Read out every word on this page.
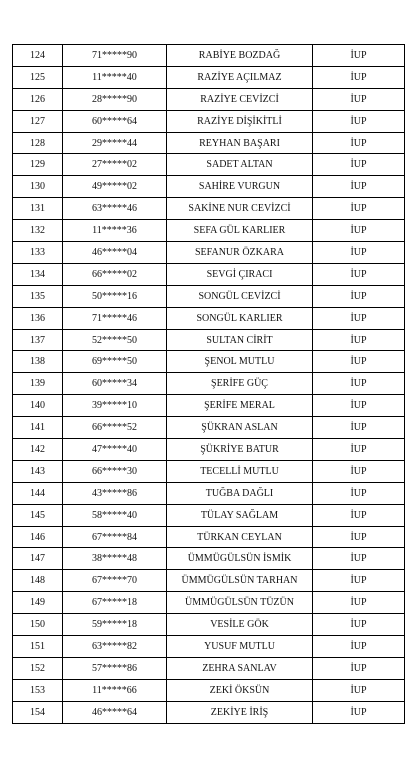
124	71*****90	RABİYE BOZDAĞ	İUP
125	11*****40	RAZİYE AÇILMAZ	İUP
126	28*****90	RAZİYE CEVİZCİ	İUP
127	60*****64	RAZİYE DİŞİKİTLİ	İUP
128	29*****44	REYHAN BAŞARI	İUP
129	27*****02	SADET ALTAN	İUP
130	49*****02	SAHİRE VURGUN	İUP
131	63*****46	SAKİNE NUR CEVİZCİ	İUP
132	11*****36	SEFA GÜL KARLIER	İUP
133	46*****04	SEFANUR ÖZKARA	İUP
134	66*****02	SEVGİ ÇIRACI	İUP
135	50*****16	SONGÜL CEVİZCİ	İUP
136	71*****46	SONGÜL KARLIER	İUP
137	52*****50	SULTAN CİRİT	İUP
138	69*****50	ŞENOL MUTLU	İUP
139	60*****34	ŞERİFE GÜÇ	İUP
140	39*****10	ŞERİFE MERAL	İUP
141	66*****52	ŞÜKRAN ASLAN	İUP
142	47*****40	ŞÜKRİYE BATUR	İUP
143	66*****30	TECELLİ MUTLU	İUP
144	43*****86	TUĞBA DAĞLI	İUP
145	58*****40	TÜLAY SAĞLAM	İUP
146	67*****84	TÜRKAN CEYLAN	İUP
147	38*****48	ÜMMÜGÜLSÜN İSMİK	İUP
148	67*****70	ÜMMÜGÜLSÜN TARHAN	İUP
149	67*****18	ÜMMÜGÜLSÜN TÜZÜN	İUP
150	59*****18	VESİLE GÖK	İUP
151	63*****82	YUSUF MUTLU	İUP
152	57*****86	ZEHRA SANLAV	İUP
153	11*****66	ZEKİ ÖKSÜN	İUP
154	46*****64	ZEKİYE İRİŞ	İUP
